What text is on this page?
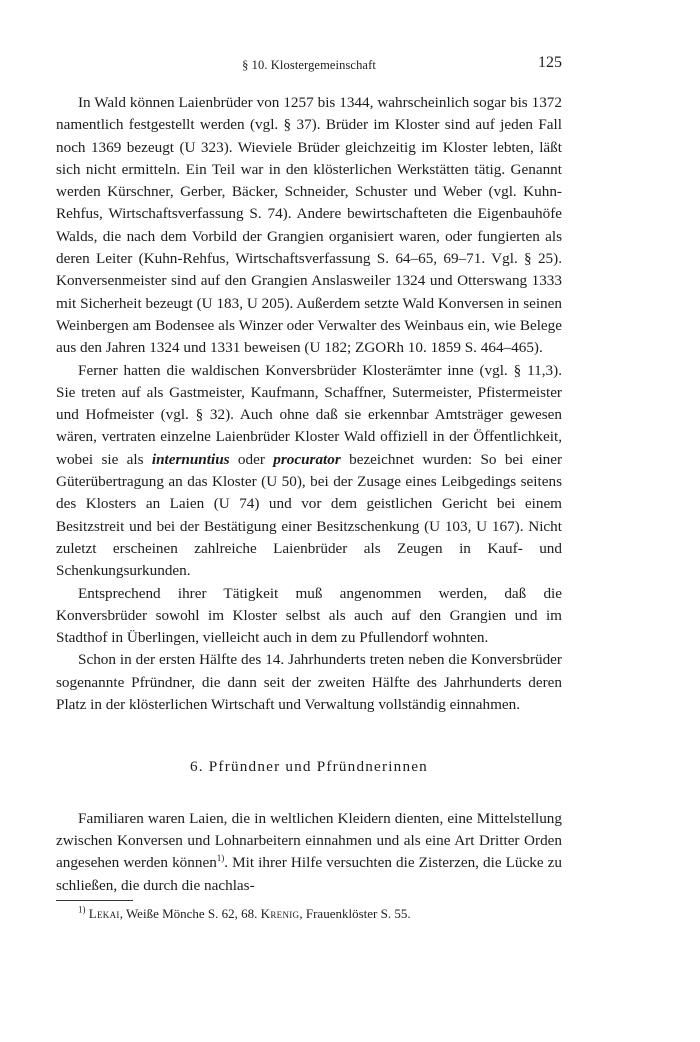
§ 10. Klostergemeinschaft	125

In Wald können Laienbrüder von 1257 bis 1344, wahrscheinlich sogar bis 1372 namentlich festgestellt werden (vgl. § 37). Brüder im Kloster sind auf jeden Fall noch 1369 bezeugt (U 323). Wieviele Brüder gleichzeitig im Kloster lebten, läßt sich nicht ermitteln. Ein Teil war in den klösterlichen Werkstätten tätig. Genannt werden Kürschner, Gerber, Bäcker, Schneider, Schuster und Weber (vgl. Kuhn-Rehfus, Wirtschaftsverfassung S. 74). Andere bewirtschafteten die Eigenbauhöfe Walds, die nach dem Vorbild der Grangien organisiert waren, oder fungierten als deren Leiter (Kuhn-Rehfus, Wirtschaftsverfassung S. 64–65, 69–71. Vgl. § 25). Konversenmeister sind auf den Grangien Anslasweiler 1324 und Otterswang 1333 mit Sicherheit bezeugt (U 183, U 205). Außerdem setzte Wald Konversen in seinen Weinbergen am Bodensee als Winzer oder Verwalter des Weinbaus ein, wie Belege aus den Jahren 1324 und 1331 beweisen (U 182; ZGORh 10. 1859 S. 464–465).

Ferner hatten die waldischen Konversbrüder Klosterämter inne (vgl. § 11,3). Sie treten auf als Gastmeister, Kaufmann, Schaffner, Sutermeister, Pfistermeister und Hofmeister (vgl. § 32). Auch ohne daß sie erkennbar Amtsträger gewesen wären, vertraten einzelne Laienbrüder Kloster Wald offiziell in der Öffentlichkeit, wobei sie als internuntius oder procurator bezeichnet wurden: So bei einer Güterübertragung an das Kloster (U 50), bei der Zusage eines Leibgedings seitens des Klosters an Laien (U 74) und vor dem geistlichen Gericht bei einem Besitzstreit und bei der Bestätigung einer Besitzschenkung (U 103, U 167). Nicht zuletzt erscheinen zahlreiche Laienbrüder als Zeugen in Kauf- und Schenkungsurkunden.

Entsprechend ihrer Tätigkeit muß angenommen werden, daß die Konversbrüder sowohl im Kloster selbst als auch auf den Grangien und im Stadthof in Überlingen, vielleicht auch in dem zu Pfullendorf wohnten.

Schon in der ersten Hälfte des 14. Jahrhunderts treten neben die Konversbrüder sogenannte Pfründner, die dann seit der zweiten Hälfte des Jahrhunderts deren Platz in der klösterlichen Wirtschaft und Verwaltung vollständig einnahmen.

6. Pfründner und Pfründnerinnen

Familiaren waren Laien, die in weltlichen Kleidern dienten, eine Mittelstellung zwischen Konversen und Lohnarbeitern einnahmen und als eine Art Dritter Orden angesehen werden können$^{1)}$. Mit ihrer Hilfe versuchten die Zisterzen, die Lücke zu schließen, die durch die nachlas-

$^{1)}$ Lekai, Weiße Mönche S. 62, 68. Krenig, Frauenklöster S. 55.
